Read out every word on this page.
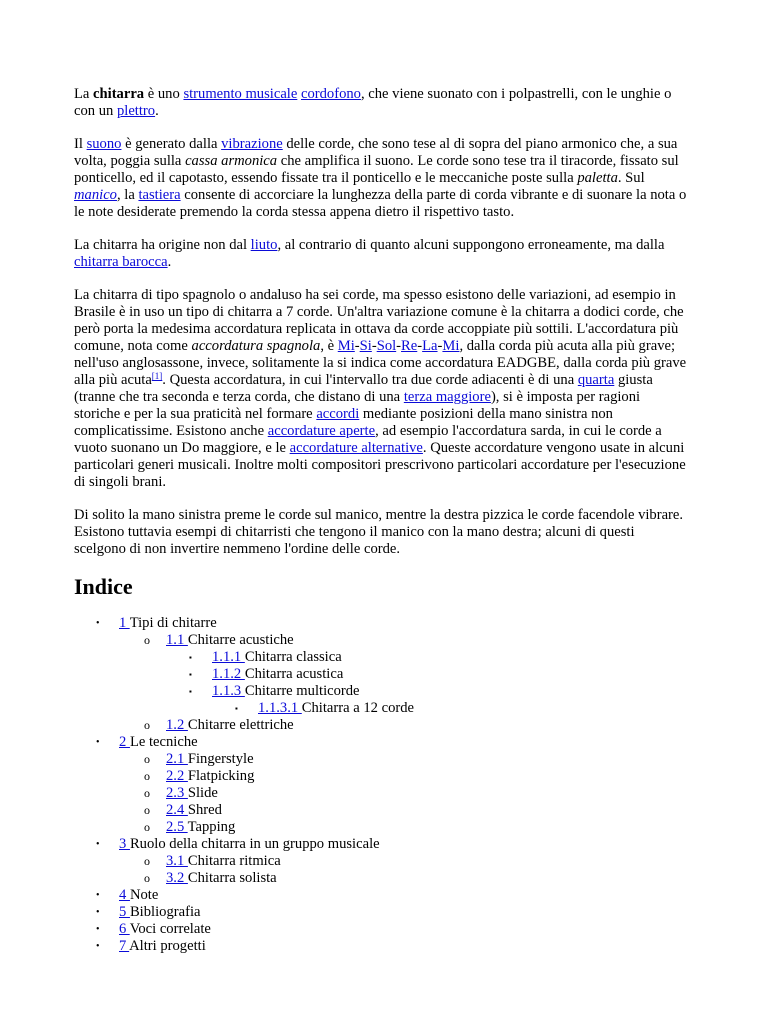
La chitarra è uno strumento musicale cordofono, che viene suonato con i polpastrelli, con le unghie o con un plettro.

Il suono è generato dalla vibrazione delle corde, che sono tese al di sopra del piano armonico che, a sua volta, poggia sulla cassa armonica che amplifica il suono. Le corde sono tese tra il tiracorde, fissato sul ponticello, ed il capotasto, essendo fissate tra il ponticello e le meccaniche poste sulla paletta. Sul manico, la tastiera consente di accorciare la lunghezza della parte di corda vibrante e di suonare la nota o le note desiderate premendo la corda stessa appena dietro il rispettivo tasto.

La chitarra ha origine non dal liuto, al contrario di quanto alcuni suppongono erroneamente, ma dalla chitarra barocca.

La chitarra di tipo spagnolo o andaluso ha sei corde, ma spesso esistono delle variazioni, ad esempio in Brasile è in uso un tipo di chitarra a 7 corde. Un'altra variazione comune è la chitarra a dodici corde, che però porta la medesima accordatura replicata in ottava da corde accoppiate più sottili. L'accordatura più comune, nota come accordatura spagnola, è Mi-Si-Sol-Re-La-Mi, dalla corda più acuta alla più grave; nell'uso anglosassone, invece, solitamente la si indica come accordatura EADGBE, dalla corda più grave alla più acuta[1]. Questa accordatura, in cui l'intervallo tra due corde adiacenti è di una quarta giusta (tranne che tra seconda e terza corda, che distano di una terza maggiore), si è imposta per ragioni storiche e per la sua praticità nel formare accordi mediante posizioni della mano sinistra non complicatissime. Esistono anche accordature aperte, ad esempio l'accordatura sarda, in cui le corde a vuoto suonano un Do maggiore, e le accordature alternative. Queste accordature vengono usate in alcuni particolari generi musicali. Inoltre molti compositori prescrivono particolari accordature per l'esecuzione di singoli brani.

Di solito la mano sinistra preme le corde sul manico, mentre la destra pizzica le corde facendole vibrare. Esistono tuttavia esempi di chitarristi che tengono il manico con la mano destra; alcuni di questi scelgono di non invertire nemmeno l'ordine delle corde.

Indice
• 1 Tipi di chitarre
o 1.1 Chitarre acustiche
▪ 1.1.1 Chitarra classica
▪ 1.1.2 Chitarra acustica
▪ 1.1.3 Chitarre multicorde
▪ 1.1.3.1 Chitarra a 12 corde
o 1.2 Chitarre elettriche
• 2 Le tecniche
o 2.1 Fingerstyle
o 2.2 Flatpicking
o 2.3 Slide
o 2.4 Shred
o 2.5 Tapping
• 3 Ruolo della chitarra in un gruppo musicale
o 3.1 Chitarra ritmica
o 3.2 Chitarra solista
• 4 Note
• 5 Bibliografia
• 6 Voci correlate
• 7 Altri progetti
